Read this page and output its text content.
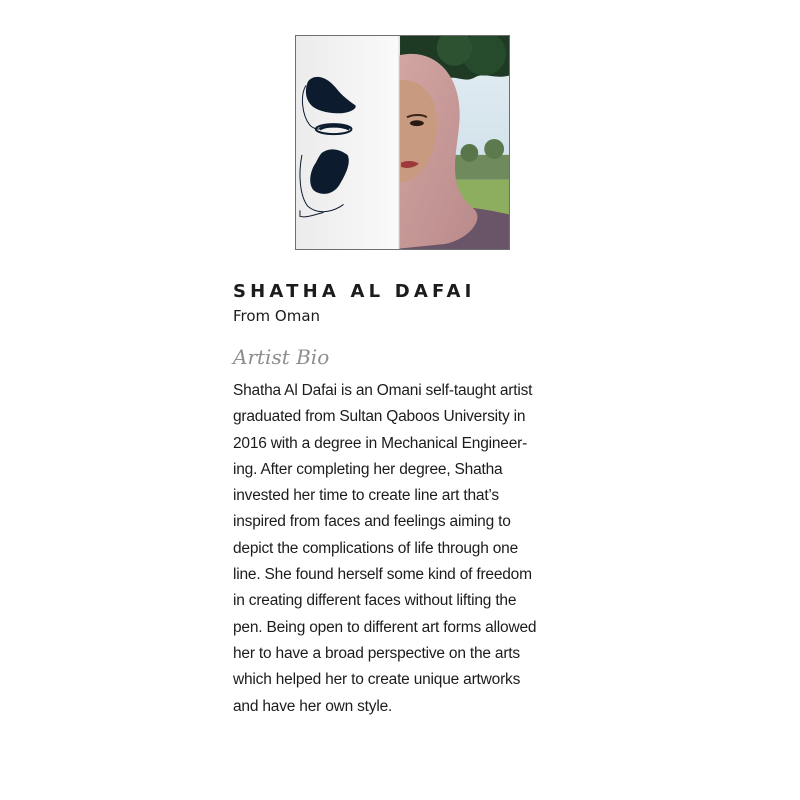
SHATHA AL DAFAI

From Oman

Artist Bio
Shatha Al Dafai is an Omani self-taught artist
graduated from Sultan Qaboos University in
2016 with a degree in Mechanical Engineer-
ing. After completing her degree, Shatha
invested her time to create line art that’s
inspired from faces and feelings aiming to
depict the complications of life through one
line. She found herself some kind of freedom
in creating different faces without lifting the
pen. Being open to different art forms allowed
her to have a broad perspective on the arts
which helped her to create unique artworks
and have her own style.
